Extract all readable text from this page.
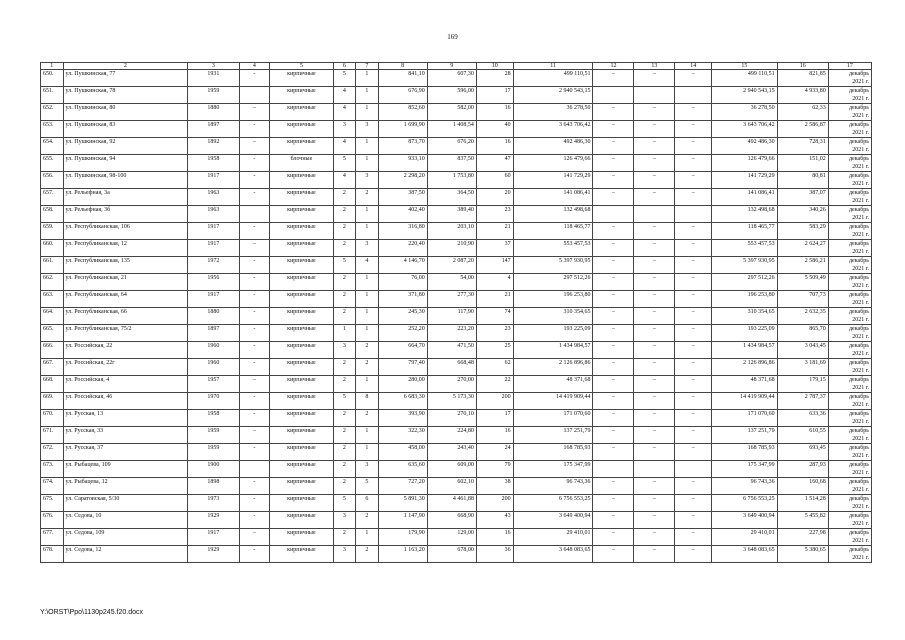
169
1	2	3	4	5	6	7	8	9	10	11	12	13	14	15	16	17
650.	ул. Пушкинская, 77	1931	-	кирпичные	5	1	841,10	607,30	28	499 110,51	–	–	–	499 110,51	821,85	декабрь
2021 г.

651.	ул. Пушкинская, 78	1959		кирпичные	4	1	676,90	596,00	17	2 940 543,15				2 940 543,15	4 933,80	декабрь
2021 г.

652.	ул. Пушкинская, 80	1880	–	кирпичные	4	1	852,60	582,00	16	36 278,50	–	–	–	36 278,50	62,33	декабрь
2021 г.

653.	ул. Пушкинская, 83	1897	-	кирпичные	3	3	1 699,90	1 408,54	40	3 643 706,42	–	–	–	3 643 706,42	2 586,87	декабрь
2021 г.

654.	ул. Пушкинская, 92	1892	–	кирпичные	4	1	873,70	676,20	16	492 486,30	–	–	–	492 486,30	728,31	декабрь
2021 г.

655.	ул. Пушкинская, 94	1958	-	блочные	5	1	933,10	837,50	47	126 479,66	–	–	–	126 479,66	151,02	декабрь
2021 г.

656.	ул. Пушкинская, 98-100	1917	-	кирпичные	4	3	2 298,20	1 753,80	60	141 729,29	–	–	–	141 729,29	80,81	декабрь
2021 г.

657.	ул. Рельефная, 3а	1963	-	кирпичные	2	2	387,50	364,50	20	141 086,41	–	–	–	141 086,41	387,07	декабрь
2021 г.

658.	ул. Рельефная, 3б	1963		кирпичные	2	1	402,40	389,40	23	132 498,68				132 498,68	340,26	декабрь
2021 г.

659.	ул. Республиканская, 106	1917	-	кирпичные	2	1	316,80	203,10	21	118 465,77	–	–	–	118 465,77	583,29	декабрь
2021 г.

660.	ул. Республиканская, 12	1917	–	кирпичные	2	3	220,40	210,90	37	553 457,53	–	–	–	553 457,53	2 624,27	декабрь
2021 г.

661.	ул. Республиканская, 135	1972	-	кирпичные	5	4	4 146,70	2 087,20	147	5 397 930,95	–	–	–	5 397 930,95	2 586,21	декабрь
2021 г.

662.	ул. Республиканская, 21	1956	-	кирпичные	2	1	76,00	54,00	4	297 512,26	–	–	–	297 512,26	5 509,49	декабрь
2021 г.

663.	ул. Республиканская, 64	1917	-	кирпичные	2	1	371,80	277,30	21	196 253,80	–	–	–	196 253,80	707,73	декабрь
2021 г.

664.	ул. Республиканская, 66	1880	-	кирпичные	2	1	245,30	117,90	74	310 354,65	–	–	–	310 354,65	2 632,35	декабрь
2021 г.

665.	ул. Республиканская, 75/2	1897	-	кирпичные	1	1	252,20	223,20	23	193 225,09	–	–	–	193 225,09	865,70	декабрь
2021 г.

666.	ул. Российская, 22	1960	-	кирпичные	3	2	664,70	471,50	25	1 434 984,57	–	–	–	1 434 984,57	3 043,45	декабрь
2021 г.

667.	ул. Российская, 22г	1960	-	кирпичные	2	2	797,40	668,48	62	2 126 896,86	–	–	–	2 126 896,86	3 181,69	декабрь
2021 г.

668.	ул. Российская, 4	1957	–	кирпичные	2	1	280,00	270,00	22	48 371,68	–	–	–	48 371,68	179,15	декабрь
2021 г.

669.	ул. Российская, 46	1970	-	кирпичные	5	8	6 683,30	5 173,30	200	14 419 909,44	–	–	–	14 419 909,44	2 787,37	декабрь
2021 г.

670.	ул. Русская, 13	1958	-	кирпичные	2	2	393,90	270,10	17	171 070,60	–	–	–	171 070,60	633,36	декабрь
2021 г.

671.	ул. Русская, 33	1959	–	кирпичные	2	1	322,30	224,80	16	137 251,79	–	–	–	137 251,79	610,55	декабрь
2021 г.

672.	ул. Русская, 37	1959	-	кирпичные	2	1	458,00	243,40	24	168 785,93	–	–	–	168 785,93	693,45	декабрь
2021 г.

673.	ул. Рыбацева, 109	1900		кирпичные	2	3	635,60	609,00	79	175 347,99				175 347,99	287,93	декабрь
2021 г.

674.	ул. Рыбацева, 12	1898	-	кирпичные	2	5	727,20	602,10	38	96 743,36	–	–	–	96 743,36	160,68	декабрь
2021 г.

675.	ул. Саратовская, 5/30	1973	-	кирпичные	5	6	5 891,30	4 461,88	200	6 756 553,25	–	–	–	6 756 553,25	1 514,28	декабрь
2021 г.

676.	ул. Седова, 10	1929	-	кирпичные	3	2	1 147,90	668,90	43	3 649 400,94	–	–	–	3 649 400,94	5 455,82	декабрь
2021 г.

677.	ул. Седова, 109	1917	–	кирпичные	2	1	179,90	129,00	16	29 410,01	–	–	–	29 410,01	227,98	декабрь
2021 г.

678.	ул. Седова, 12	1929	-	кирпичные	3	2	1 163,20	678,00	36	3 648 083,65	–	–	–	3 648 083,65	5 380,65	декабрь
2021 г.
Y:\ORST\Ppo\1130p245.f20.docx
